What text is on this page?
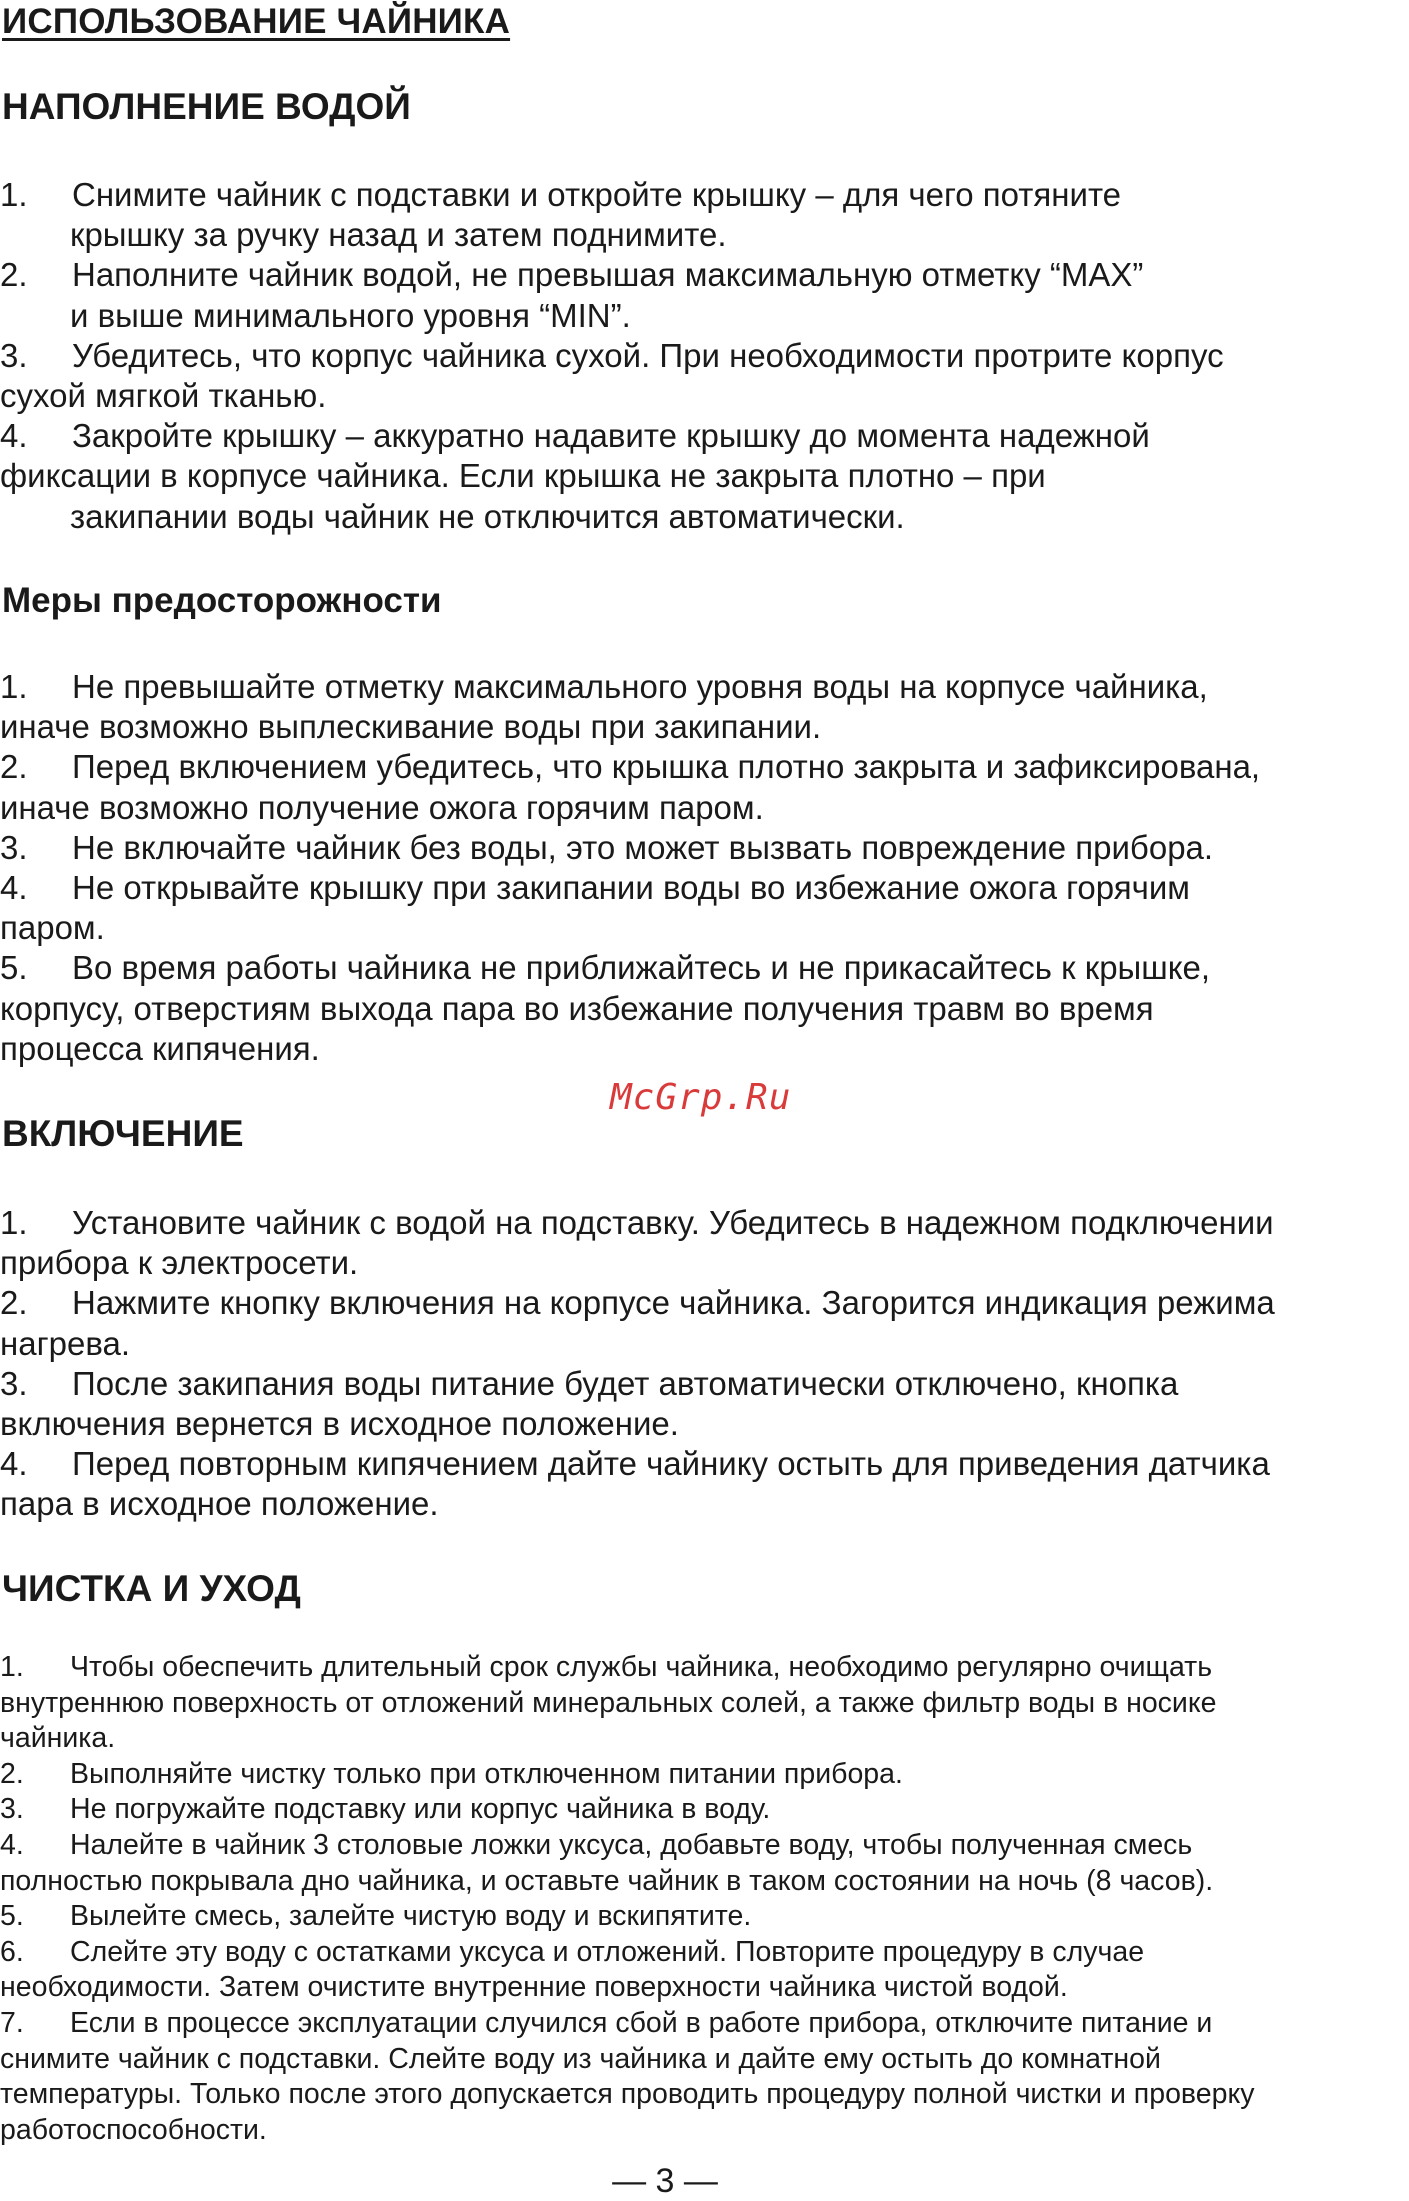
ИСПОЛЬЗОВАНИЕ ЧАЙНИКА
НАПОЛНЕНИЕ ВОДОЙ
1. Снимите чайник с подставки и откройте крышку – для чего потяните
крышку за ручку назад и затем поднимите.
2. Наполните чайник водой, не превышая максимальную отметку “MAX”
и выше минимального уровня “MIN”.
3. Убедитесь, что корпус чайника сухой. При необходимости протрите корпус
сухой мягкой тканью.
4. Закройте крышку – аккуратно надавите крышку до момента надежной
фиксации в корпусе чайника. Если крышка не закрыта плотно – при
закипании воды чайник не отключится автоматически.
Меры предосторожности
1. Не превышайте отметку максимального уровня воды на корпусе чайника,
иначе возможно выплескивание воды при закипании.
2. Перед включением убедитесь, что крышка плотно закрыта и зафиксирована,
иначе возможно получение ожога горячим паром.
3. Не включайте чайник без воды, это может вызвать повреждение прибора.
4. Не открывайте крышку при закипании воды во избежание ожога горячим
паром.
5. Во время работы чайника не приближайтесь и не прикасайтесь к крышке,
корпусу, отверстиям выхода пара во избежание получения травм во время
процесса кипячения.
McGrp.Ru
ВКЛЮЧЕНИЕ
1. Установите чайник с водой на подставку. Убедитесь в надежном подключении
прибора к электросети.
2. Нажмите кнопку включения на корпусе чайника. Загорится индикация режима
нагрева.
3. После закипания воды питание будет автоматически отключено, кнопка
включения вернется в исходное положение.
4. Перед повторным кипячением дайте чайнику остыть для приведения датчика
пара в исходное положение.
ЧИСТКА И УХОД
1. Чтобы обеспечить длительный срок службы чайника, необходимо регулярно очищать
внутреннюю поверхность от отложений минеральных солей, а также фильтр воды в носике
чайника.
2. Выполняйте чистку только при отключенном питании прибора.
3. Не погружайте подставку или корпус чайника в воду.
4. Налейте в чайник 3 столовые ложки уксуса, добавьте воду, чтобы полученная смесь
полностью покрывала дно чайника, и оставьте чайник в таком состоянии на ночь (8 часов).
5. Вылейте смесь, залейте чистую воду и вскипятите.
6. Слейте эту воду с остатками уксуса и отложений. Повторите процедуру в случае
необходимости. Затем очистите внутренние поверхности чайника чистой водой.
7. Если в процессе эксплуатации случился сбой в работе прибора, отключите питание и
снимите чайник с подставки. Слейте воду из чайника и дайте ему остыть до комнатной
температуры. Только после этого допускается проводить процедуру полной чистки и проверку
работоспособности.
— 3 —
